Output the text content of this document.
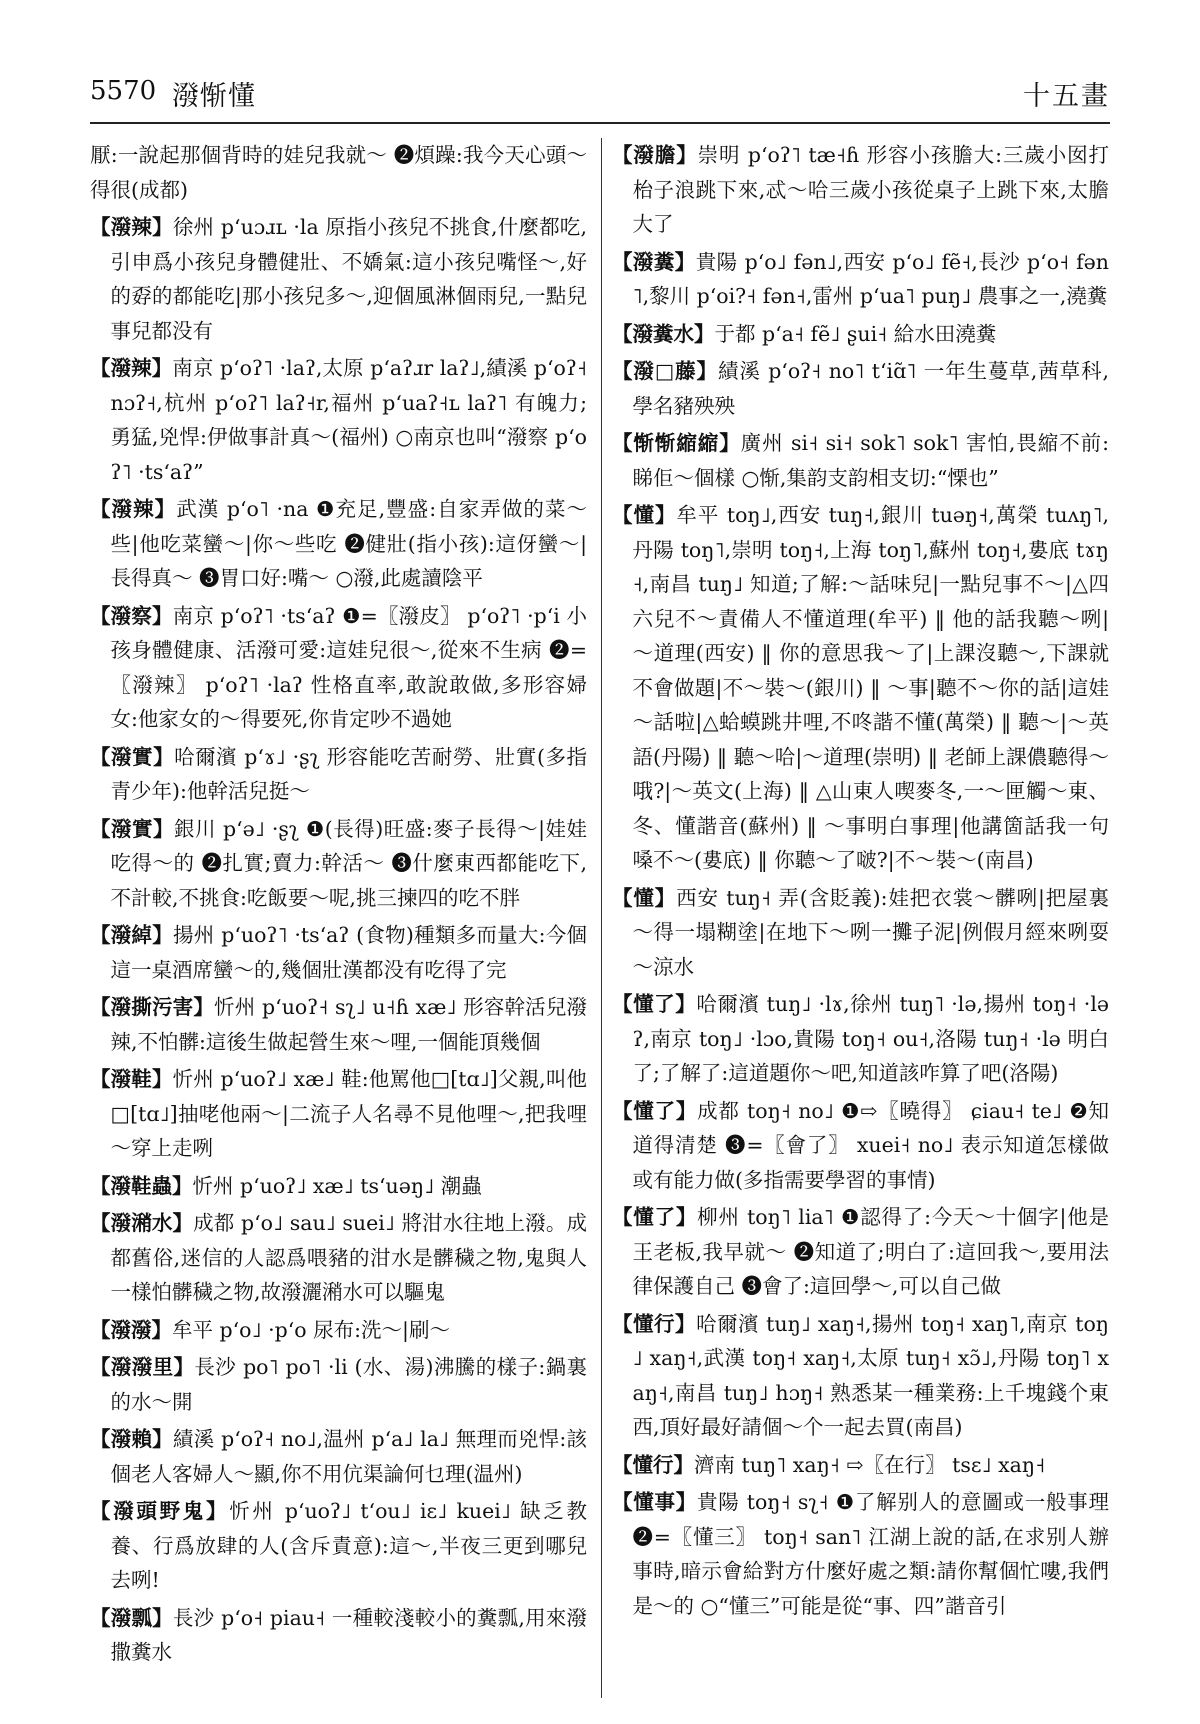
5570 潑惭懂	十五畫

厭:一說起那個背時的娃兒我就～ ❷煩躁:我今天心頭～得很(成都)

【潑辣】徐州 pʻuɔɹʟ ·la 原指小孩兒不挑食,什麼都吃,引申爲小孩兒身體健壯、不嬌氣:這小孩兒嘴怪～,好的孬的都能吃|那小孩兒多～,迎個風淋個雨兒,一點兒事兒都没有

【潑辣】南京 pʻoʔ˥ ·laʔ,太原 pʻaʔɹr laʔ˩,績溪 pʻoʔ˧ nɔʔ˧,杭州 pʻoʔ˥ laʔ˧r,福州 pʻuaʔ˧ʟ laʔ˥ 有魄力;勇猛,兇悍:伊做事計真～(福州) ○南京也叫“潑察 pʻoʔ˥ ·tsʻaʔ”

【潑辣】武漢 pʻo˥ ·na ❶充足,豐盛:自家弄做的菜～些|他吃菜蠻～|你～些吃 ❷健壯(指小孩):這伢蠻～|長得真～ ❸胃口好:嘴～ ○潑,此處讀陰平

【潑察】南京 pʻoʔ˥ ·tsʻaʔ ❶=〖潑皮〗 pʻoʔ˥ ·pʻi 小孩身體健康、活潑可愛:這娃兒很～,從來不生病 ❷=〖潑辣〗 pʻoʔ˥ ·laʔ 性格直率,敢說敢做,多形容婦女:他家女的～得要死,你肯定吵不過她

【潑實】哈爾濱 pʻɤ˩ ·ʂʅ 形容能吃苦耐勞、壯實(多指青少年):他幹活兒挺～

【潑實】銀川 pʻə˩ ·ʂʅ ❶(長得)旺盛:麥子長得～|娃娃吃得～的 ❷扎實;賣力:幹活～ ❸什麼東西都能吃下,不計較,不挑食:吃飯要～呢,挑三揀四的吃不胖

【潑綽】揚州 pʻuoʔ˥ ·tsʻaʔ (食物)種類多而量大:今個這一桌酒席蠻～的,幾個壯漢都没有吃得了完

【潑撕污害】忻州 pʻuoʔ˧ sʅ˩ u˧ɦ xæ˩ 形容幹活兒潑辣,不怕髒:這後生做起營生來～哩,一個能頂幾個

【潑鞋】忻州 pʻuoʔ˩ xæ˩ 鞋:他罵他□[tɑ˩]父親,叫他□[tɑ˩]抽咾他兩～|二流子人名尋不見他哩～,把我哩～穿上走咧

【潑鞋蟲】忻州 pʻuoʔ˩ xæ˩ tsʻuəŋ˩ 潮蟲

【潑潲水】成都 pʻo˩ sau˩ suei˩ 將泔水往地上潑。成都舊俗,迷信的人認爲喂豬的泔水是髒穢之物,鬼與人一樣怕髒穢之物,故潑灑潲水可以驅鬼

【潑潑】牟平 pʻo˩ ·pʻo 尿布:洗～|刷～

【潑潑里】長沙 po˥ po˥ ·li (水、湯)沸騰的樣子:鍋裏的水～開

【潑賴】績溪 pʻoʔ˧ no˩,温州 pʻa˩ la˩ 無理而兇悍:該個老人客婦人～顯,你不用伉渠論何乜理(温州)

【潑頭野鬼】忻州 pʻuoʔ˩ tʻou˩ iɛ˩ kuei˩ 缺乏教養、行爲放肆的人(含斥責意):這～,半夜三更到哪兒去咧!

【潑瓢】長沙 pʻo˧ piau˧ 一種較淺較小的糞瓢,用來潑撒糞水

【潑膽】崇明 pʻoʔ˥ tæ˧ɦ 形容小孩膽大:三歲小囡打枱子浪跳下來,忒～哈三歲小孩從桌子上跳下來,太膽大了

【潑糞】貴陽 pʻo˩ fən˩,西安 pʻo˩ fẽ˧,長沙 pʻo˧ fən˥,黎川 pʻoi?˧ fən˧,雷州 pʻua˥ puŋ˩ 農事之一,澆糞

【潑糞水】于都 pʻa˧ fẽ˩ ʂui˧ 給水田澆糞

【潑□藤】績溪 pʻoʔ˧ no˥ tʻiɑ̃˥ 一年生蔓草,茜草科,學名豬殃殃

【惭惭縮縮】廣州 si˧ si˧ sok˥ sok˥ 害怕,畏縮不前:睇佢～個樣 ○惭,集韵支韵相支切:“慄也”

【懂】牟平 toŋ˩,西安 tuŋ˧,銀川 tuəŋ˧,萬榮 tuʌŋ˥,丹陽 toŋ˥,崇明 toŋ˧,上海 toŋ˥,蘇州 toŋ˧,婁底 tɤŋ˧,南昌 tuŋ˩ 知道;了解:～話味兒|一點兒事不～|△四六兒不～責備人不懂道理(牟平) ‖ 他的話我聽～咧|～道理(西安) ‖ 你的意思我～了|上課沒聽～,下課就不會做題|不～裝～(銀川) ‖ ～事|聽不～你的話|這娃～話啦|△蛤蟆跳井哩,不咚諧不懂(萬榮) ‖ 聽～|～英語(丹陽) ‖ 聽～哈|～道理(崇明) ‖ 老師上課儂聽得～哦?|～英文(上海) ‖ △山東人喫麥冬,一～匣觸～東、冬、懂諧音(蘇州) ‖ ～事明白事理|他講箇話我一句嗓不～(婁底) ‖ 你聽～了啵?|不～裝～(南昌)

【懂】西安 tuŋ˧ 弄(含貶義):娃把衣裳～髒咧|把屋裏～得一塌糊塗|在地下～咧一攤子泥|例假月經來咧耍～涼水

【懂了】哈爾濱 tuŋ˩ ·lɤ,徐州 tuŋ˥ ·lə,揚州 toŋ˧ ·ləʔ,南京 toŋ˩ ·lɔo,貴陽 toŋ˧ ou˧,洛陽 tuŋ˧ ·lə 明白了;了解了:這道題你～吧,知道該咋算了吧(洛陽)

【懂了】成都 toŋ˧ no˩ ❶⇨〖曉得〗 ɕiau˧ te˩ ❷知道得清楚 ❸=〖會了〗 xuei˧ no˩ 表示知道怎樣做或有能力做(多指需要學習的事情)

【懂了】柳州 toŋ˥ lia˥ ❶認得了:今天～十個字|他是王老板,我早就～ ❷知道了;明白了:這回我～,要用法律保護自己 ❸會了:這回學～,可以自己做

【懂行】哈爾濱 tuŋ˩ xaŋ˧,揚州 toŋ˧ xaŋ˥,南京 toŋ˩ xaŋ˧,武漢 toŋ˧ xaŋ˧,太原 tuŋ˧ xɔ̃˩,丹陽 toŋ˥ xaŋ˧,南昌 tuŋ˩ hɔŋ˧ 熟悉某一種業務:上千塊錢个東西,頂好最好請個～个一起去買(南昌)

【懂行】濟南 tuŋ˥ xaŋ˧ ⇨〖在行〗 tsɛ˩ xaŋ˧

【懂事】貴陽 toŋ˧ sʅ˧ ❶了解别人的意圖或一般事理 ❷=〖懂三〗 toŋ˧ san˥ 江湖上說的話,在求别人辦事時,暗示會給對方什麼好處之類:請你幫個忙嘍,我們是～的 ○“懂三”可能是從“事、四”諧音引
